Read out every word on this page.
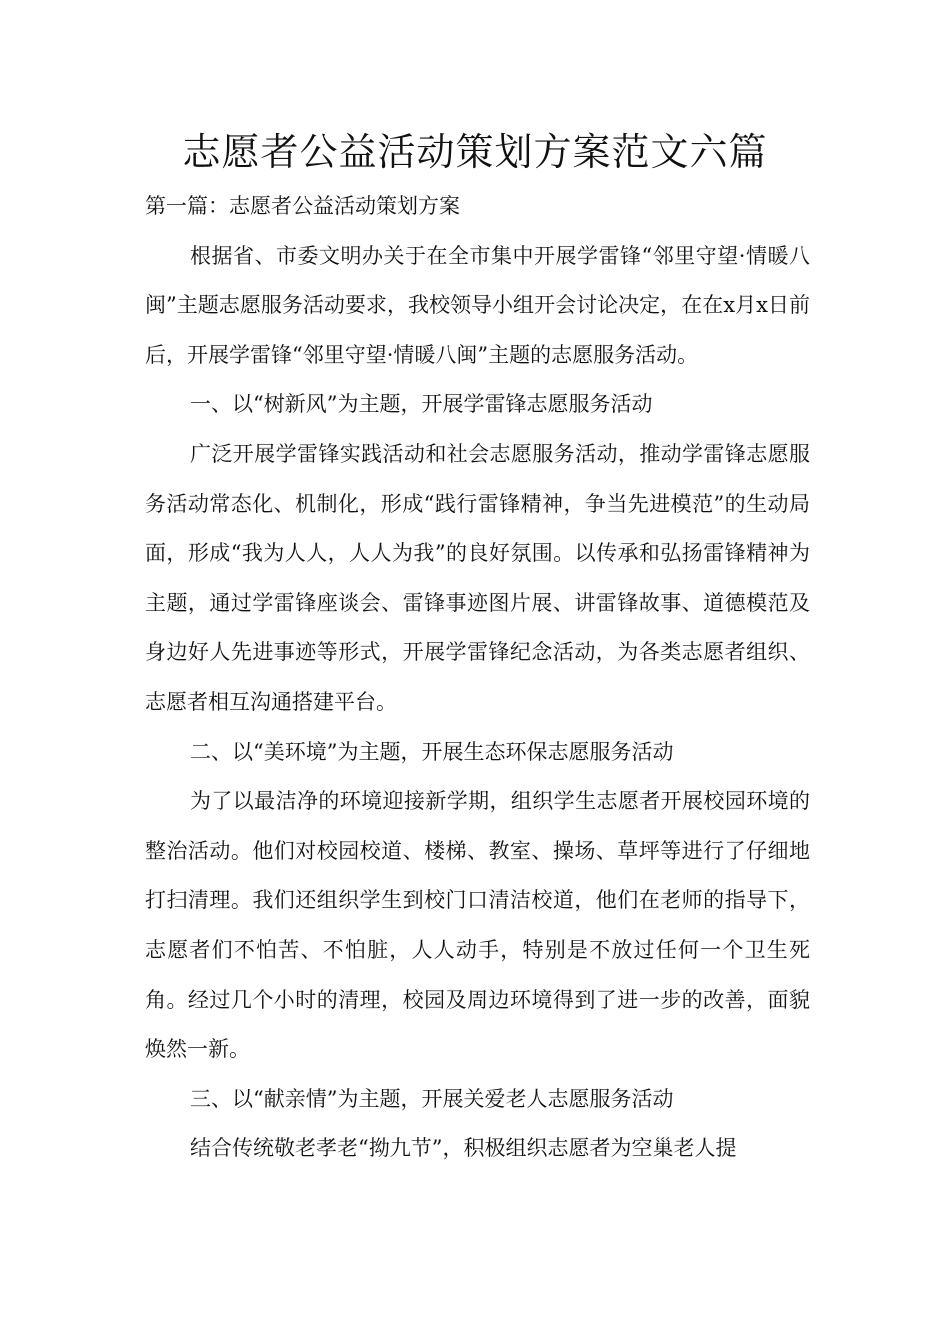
志愿者公益活动策划方案范文六篇

第一篇：志愿者公益活动策划方案

根据省、市委文明办关于在全市集中开展学雷锋“邻里守望·情暖八闽”主题志愿服务活动要求，我校领导小组开会讨论决定，在在x月x日前后，开展学雷锋“邻里守望·情暖八闽”主题的志愿服务活动。

一、以“树新风”为主题，开展学雷锋志愿服务活动

广泛开展学雷锋实践活动和社会志愿服务活动，推动学雷锋志愿服务活动常态化、机制化，形成“践行雷锋精神，争当先进模范”的生动局面，形成“我为人人，人人为我”的良好氛围。以传承和弘扬雷锋精神为主题，通过学雷锋座谈会、雷锋事迹图片展、讲雷锋故事、道德模范及身边好人先进事迹等形式，开展学雷锋纪念活动，为各类志愿者组织、志愿者相互沟通搭建平台。

二、以“美环境”为主题，开展生态环保志愿服务活动

为了以最洁净的环境迎接新学期，组织学生志愿者开展校园环境的整治活动。他们对校园校道、楼梯、教室、操场、草坪等进行了仔细地打扫清理。我们还组织学生到校门口清洁校道，他们在老师的指导下，志愿者们不怕苦、不怕脏，人人动手，特别是不放过任何一个卫生死角。经过几个小时的清理，校园及周边环境得到了进一步的改善，面貌焕然一新。

三、以“献亲情”为主题，开展关爱老人志愿服务活动

结合传统敬老孝老“拗九节”，积极组织志愿者为空巢老人提
